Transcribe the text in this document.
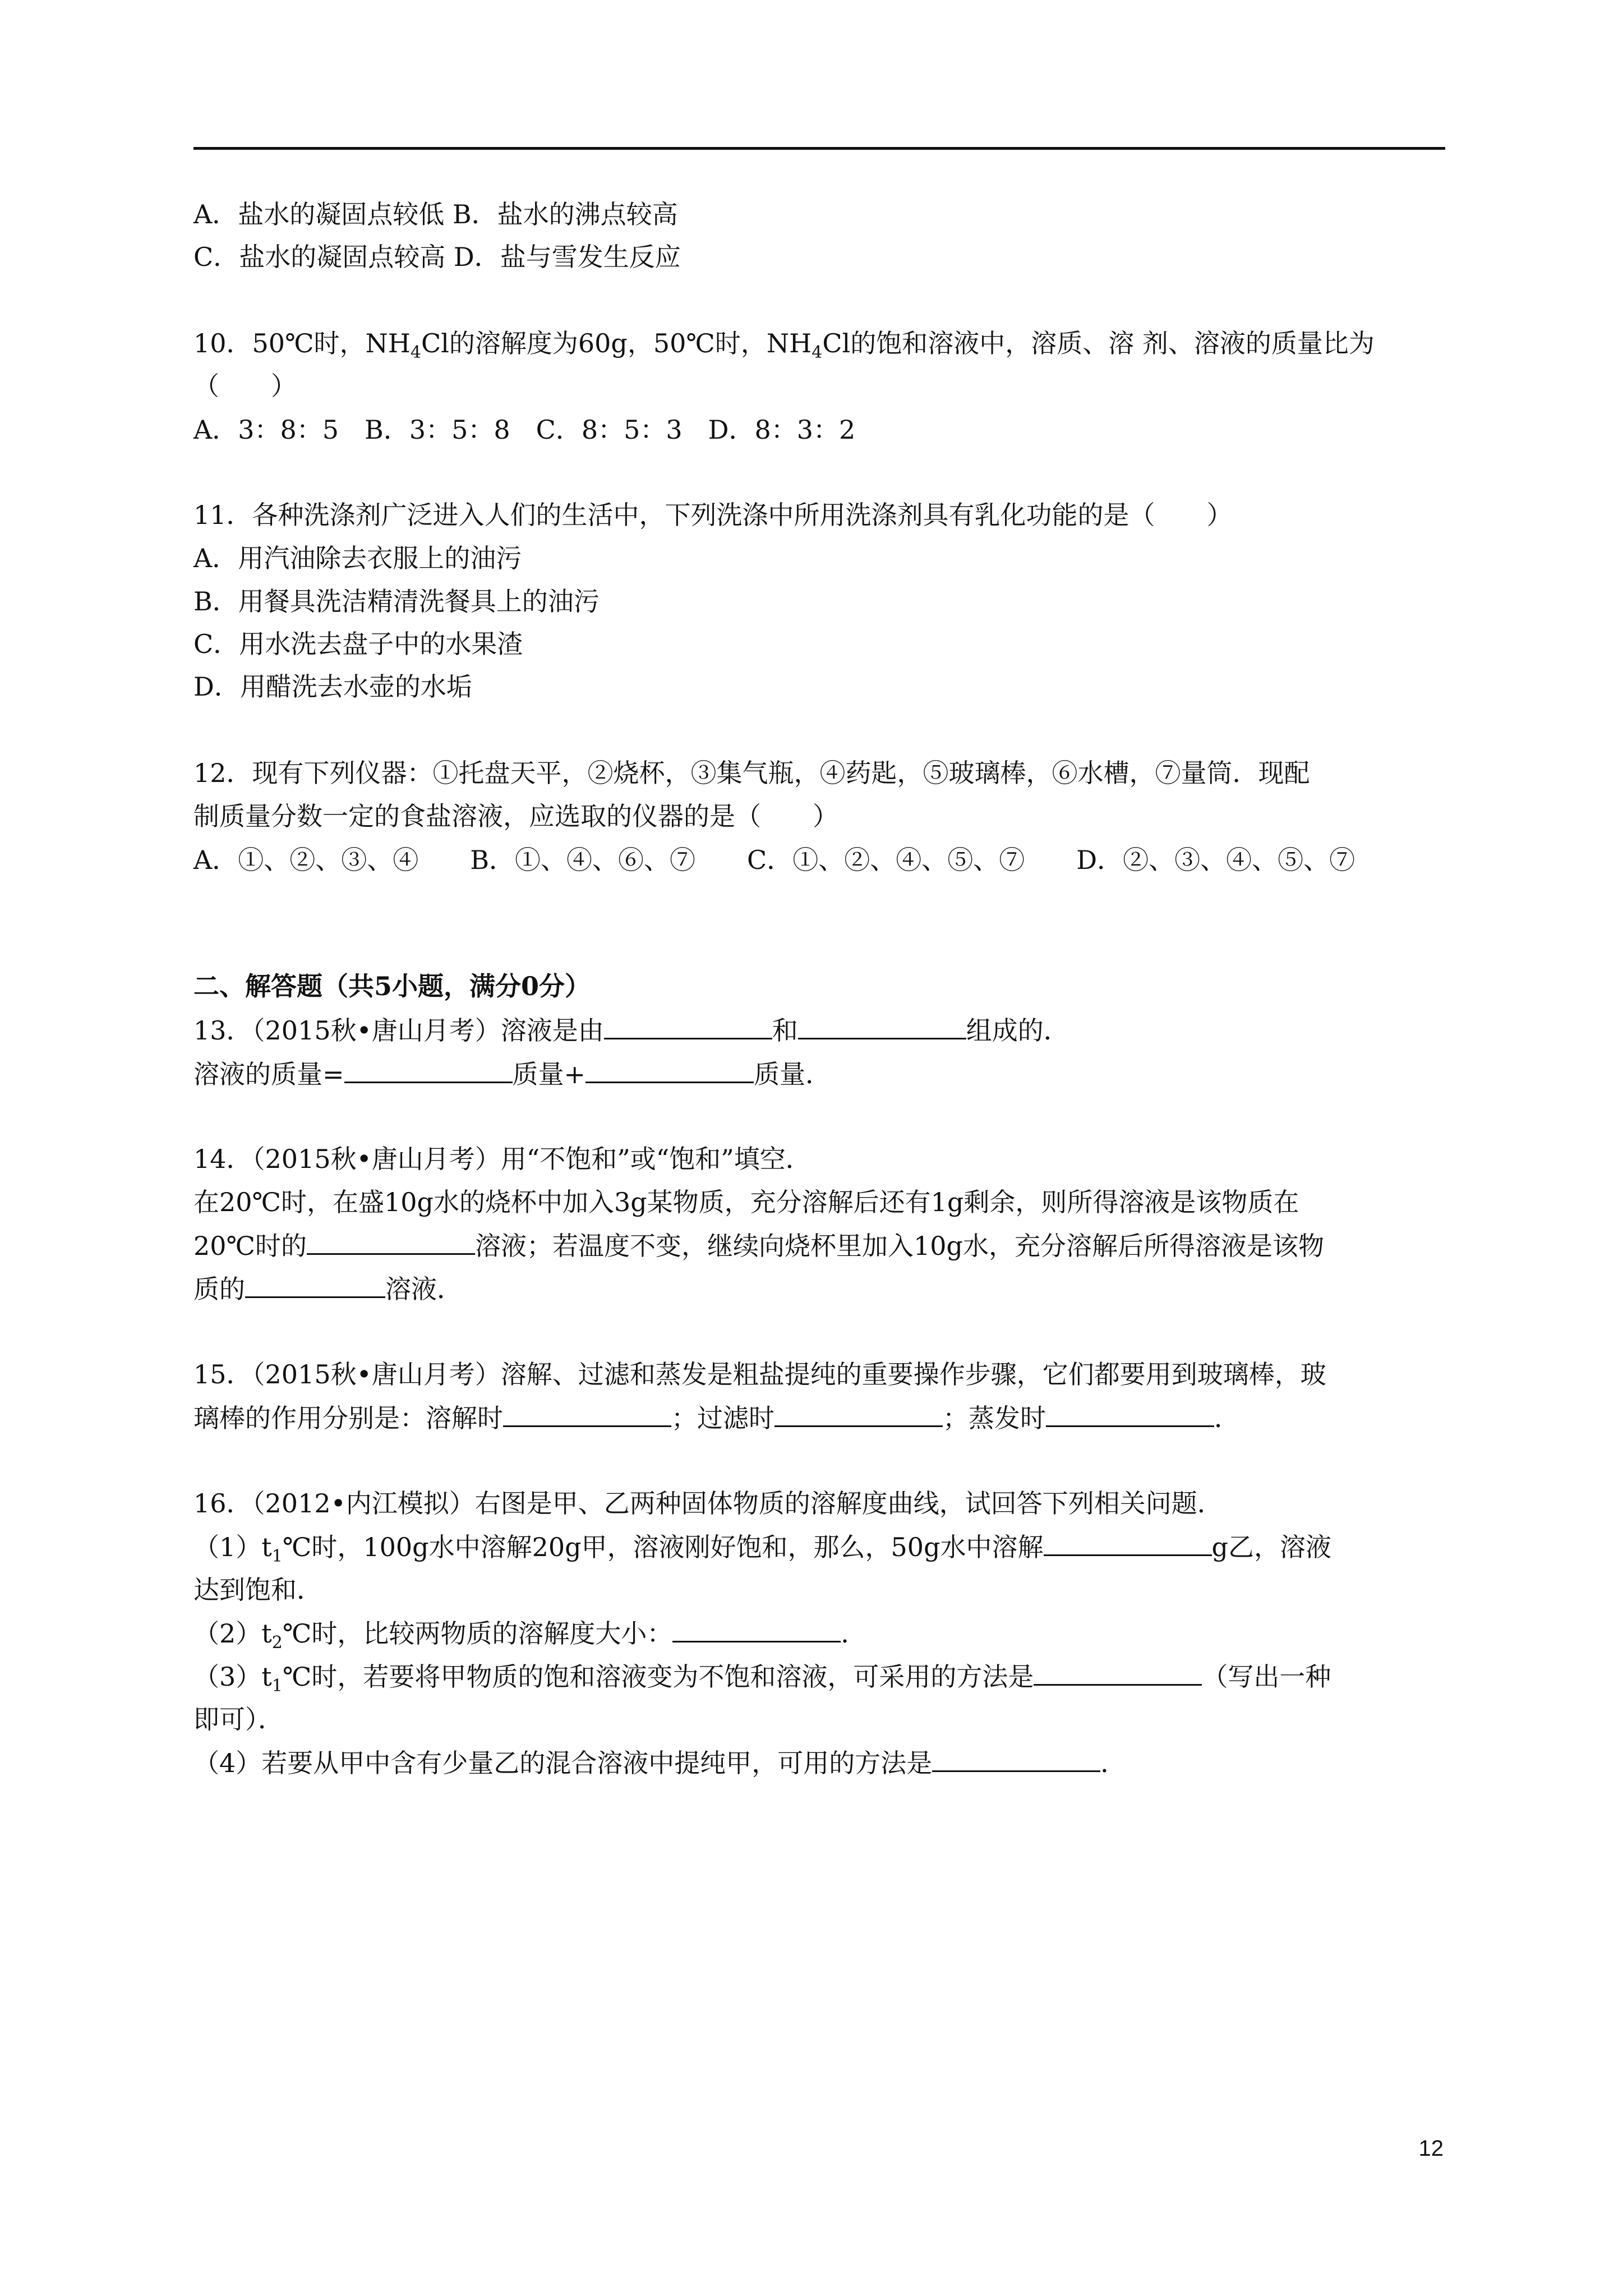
A．盐水的凝固点较低 B．盐水的沸点较高
C．盐水的凝固点较高 D．盐与雪发生反应
10．50℃时，$NH_4Cl$的溶解度为60g，50℃时，$NH_4Cl$的饱和溶液中，溶质、溶 剂、溶液的质量比为
（　　）
A．3：8：5　B．3：5：8　C．8：5：3　D．8：3：2
11．各种洗涤剂广泛进入人们的生活中，下列洗涤中所用洗涤剂具有乳化功能的是（　　）
A．用汽油除去衣服上的油污
B．用餐具洗洁精清洗餐具上的油污
C．用水洗去盘子中的水果渣
D．用醋洗去水壶的水垢
12．现有下列仪器：①托盘天平，②烧杯，③集气瓶，④药匙，⑤玻璃棒，⑥水槽，⑦量筒．现配
制质量分数一定的食盐溶液，应选取的仪器的是（　　）
A．①、②、③、④　　B．①、④、⑥、⑦　　C．①、②、④、⑤、⑦　　D．②、③、④、⑤、⑦
二、解答题（共5小题，满分0分）
13．（2015秋•唐山月考）溶液是由	和	组成的．
溶液的质量=	质量+	质量．
14．（2015秋•唐山月考）用“不饱和”或“饱和”填空．
在20℃时，在盛10g水的烧杯中加入3g某物质，充分溶解后还有1g剩余，则所得溶液是该物质在
20℃时的	溶液；若温度不变，继续向烧杯里加入10g水，充分溶解后所得溶液是该物
质的	溶液．
15．（2015秋•唐山月考）溶解、过滤和蒸发是粗盐提纯的重要操作步骤，它们都要用到玻璃棒，玻
璃棒的作用分别是：溶解时	；过滤时	；蒸发时	．
16．（2012•内江模拟）右图是甲、乙两种固体物质的溶解度曲线，试回答下列相关问题．
$(1)t_1℃$时，100g水中溶解20g甲，溶液刚好饱和，那么，50g水中溶解	g乙，溶液
达到饱和．
$(2)t_2℃$时，比较两物质的溶解度大小：	．
$(3)t_1℃$时，若要将甲物质的饱和溶液变为不饱和溶液，可采用的方法是	（写出一种
即可）．
（4）若要从甲中含有少量乙的混合溶液中提纯甲，可用的方法是	．
12
